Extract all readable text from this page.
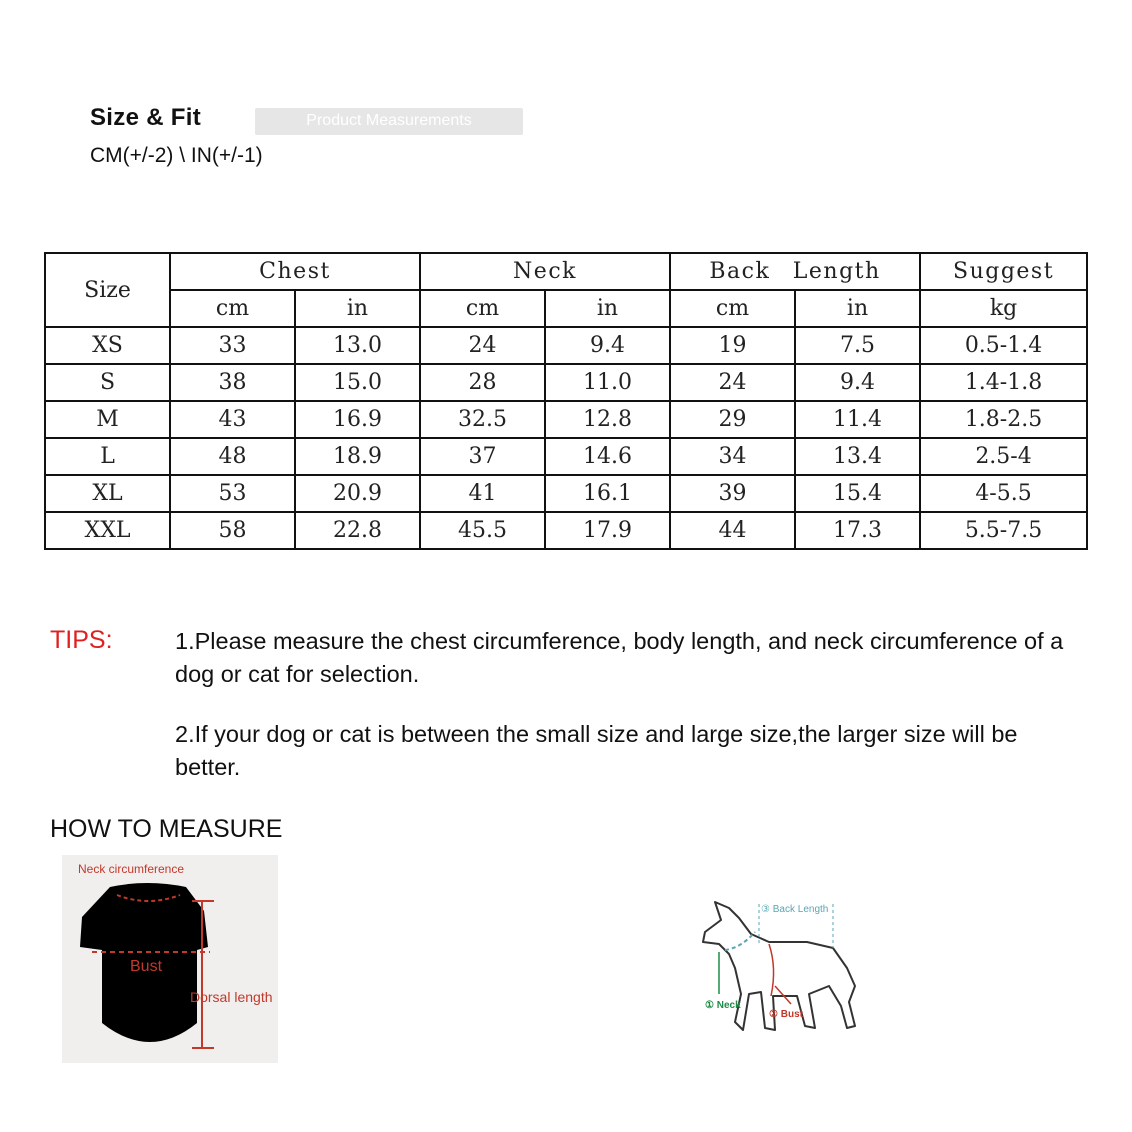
Size & Fit	Product Measurements
CM(+/-2) \ IN(+/-1)
Size	Chest		Neck		Back Length		Suggest
	cm	in	cm	in	cm	in	kg
XS	33	13.0	24	9.4	19	7.5	0.5-1.4
S	38	15.0	28	11.0	24	9.4	1.4-1.8
M	43	16.9	32.5	12.8	29	11.4	1.8-2.5
L	48	18.9	37	14.6	34	13.4	2.5-4
XL	53	20.9	41	16.1	39	15.4	4-5.5
XXL	58	22.8	45.5	17.9	44	17.3	5.5-7.5
TIPS:	1.Please measure the chest circumference, body length, and neck circumference of a dog or cat for selection.
2.If your dog or cat is between the small size and large size,the larger size will be better.
HOW TO MEASURE
Neck circumference
Bust
Dorsal length
③ Back Length
① Neck
② Bust
